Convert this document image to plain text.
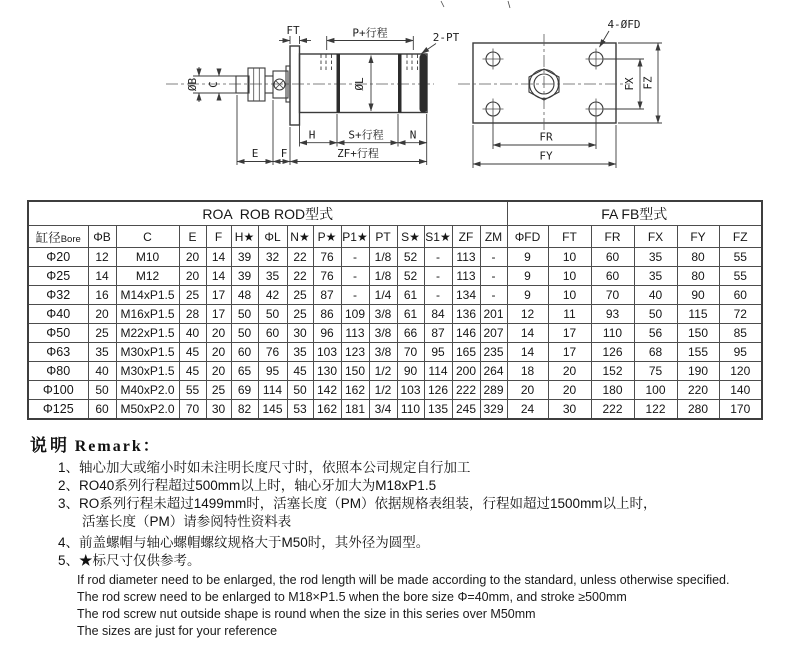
FT	P+行程	2-PT
ØL
ØB C
H	S+行程 N
E F	ZF+行程
4-ØFD
FX FZ
FR
FY
ROA  ROB ROD型式															FA FB型式					
缸径Bore	ΦB	C	E	F	H★	ΦL	N★	P★	P1★	PT	S★	S1★	ZF	ZM	ΦFD	FT	FR	FX	FY	FZ
Φ20	12	M10	20	14	39	32	22	76	-	1/8	52	-	113	-	9	10	60	35	80	55
Φ25	14	M12	20	14	39	35	22	76	-	1/8	52	-	113	-	9	10	60	35	80	55
Φ32	16	M14xP1.5	25	17	48	42	25	87	-	1/4	61	-	134	-	9	10	70	40	90	60
Φ40	20	M16xP1.5	28	17	50	50	25	86	109	3/8	61	84	136	201	12	11	93	50	115	72
Φ50	25	M22xP1.5	40	20	50	60	30	96	113	3/8	66	87	146	207	14	17	110	56	150	85
Φ63	35	M30xP1.5	45	20	60	76	35	103	123	3/8	70	95	165	235	14	17	126	68	155	95
Φ80	40	M30xP1.5	45	20	65	95	45	130	150	1/2	90	114	200	264	18	20	152	75	190	120
Φ100	50	M40xP2.0	55	25	69	114	50	142	162	1/2	103	126	222	289	20	20	180	100	220	140
Φ125	60	M50xP2.0	70	30	82	145	53	162	181	3/4	110	135	245	329	24	30	222	122	280	170
说明 Remark：
1、轴心加大或缩小时如未注明长度尺寸时，依照本公司规定自行加工
2、RO40系列行程超过500mm以上时，轴心牙加大为M18xP1.5
3、RO系列行程未超过1499mm时，活塞长度（PM）依据规格表组装，行程如超过1500mm以上时，
活塞长度（PM）请参阅特性资料表
4、前盖螺帽与轴心螺帽螺纹规格大于M50时，其外径为圆型。
5、★标尺寸仅供参考。
If rod diameter need to be enlarged, the rod length will be made according to the standard, unless otherwise specified.
The rod screw need to be enlarged to M18×P1.5 when the bore size Φ=40mm, and stroke ≥500mm
The rod screw nut outside shape is round when the size in this series over M50mm
The sizes are just for your reference
